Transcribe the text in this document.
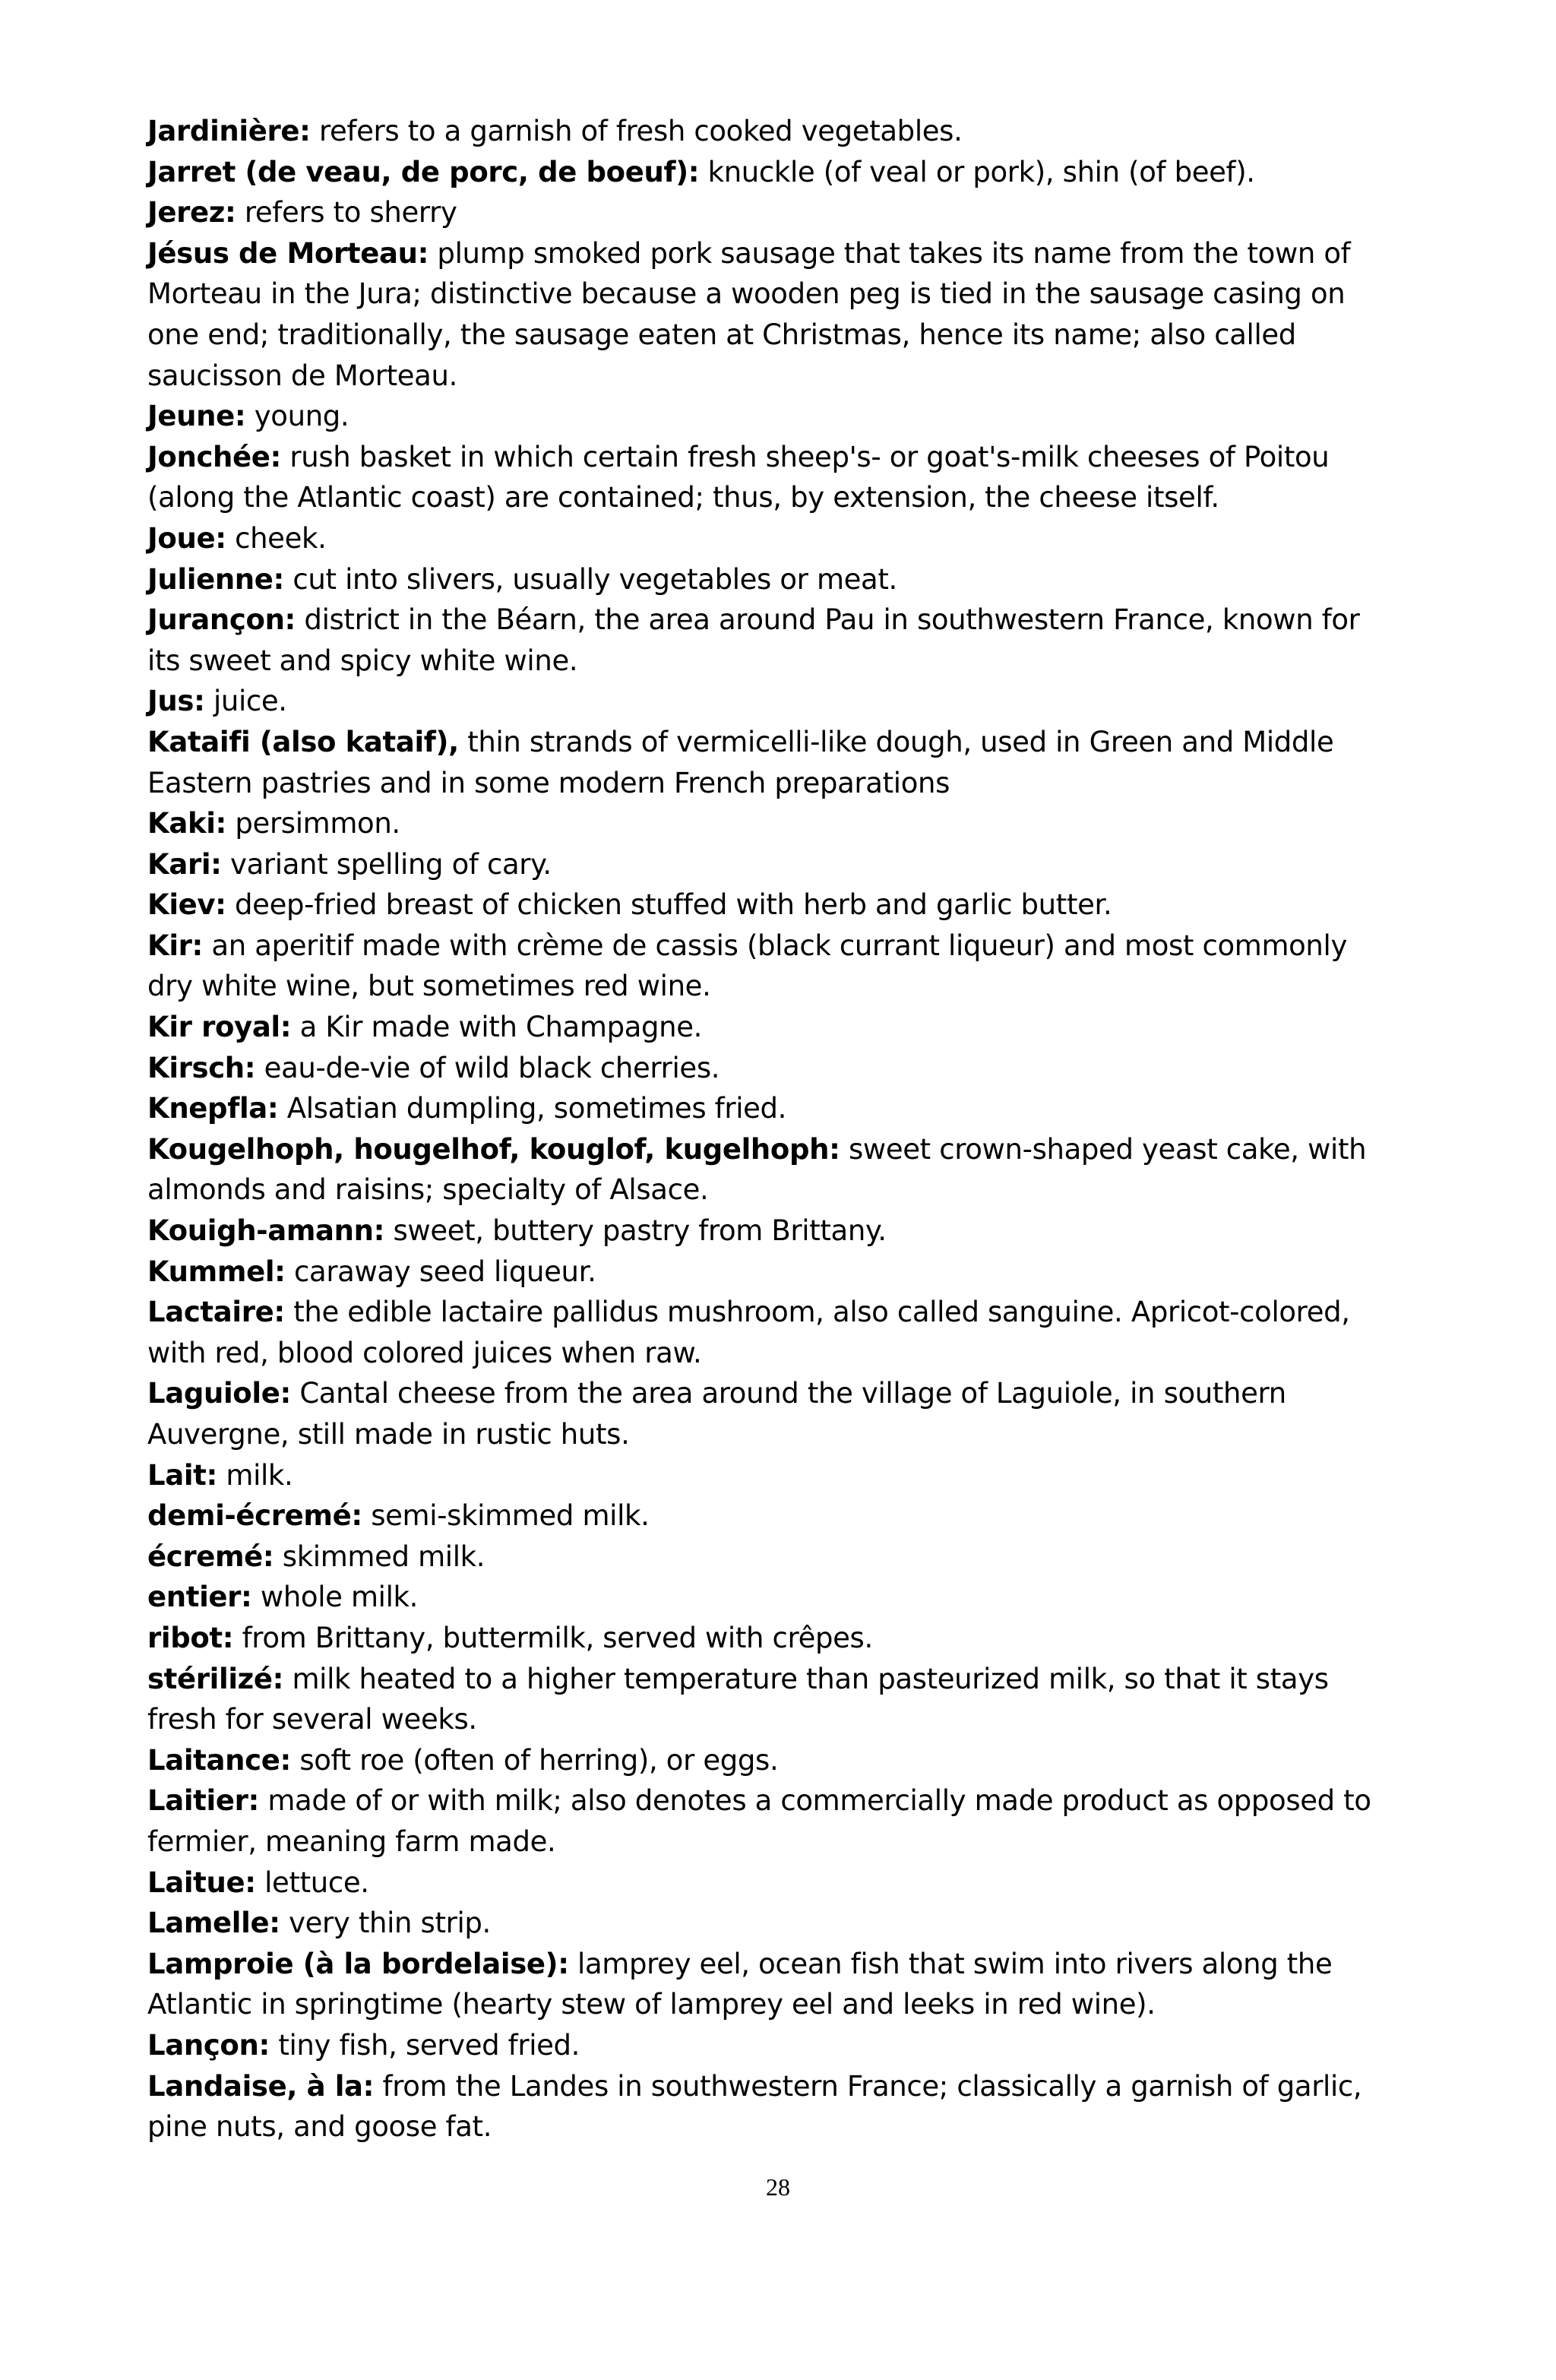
Jardinière: refers to a garnish of fresh cooked vegetables.

Jarret (de veau, de porc, de boeuf): knuckle (of veal or pork), shin (of beef).

Jerez: refers to sherry

Jésus de Morteau: plump smoked pork sausage that takes its name from the town of Morteau in the Jura; distinctive because a wooden peg is tied in the sausage casing on one end; traditionally, the sausage eaten at Christmas, hence its name; also called saucisson de Morteau.

Jeune: young.

Jonchée: rush basket in which certain fresh sheep's- or goat's-milk cheeses of Poitou (along the Atlantic coast) are contained; thus, by extension, the cheese itself.

Joue: cheek.

Julienne: cut into slivers, usually vegetables or meat.

Jurançon: district in the Béarn, the area around Pau in southwestern France, known for its sweet and spicy white wine.

Jus: juice.

Kataifi (also kataif), thin strands of vermicelli-like dough, used in Green and Middle Eastern pastries and in some modern French preparations

Kaki: persimmon.

Kari: variant spelling of cary.

Kiev: deep-fried breast of chicken stuffed with herb and garlic butter.

Kir: an aperitif made with crème de cassis (black currant liqueur) and most commonly dry white wine, but sometimes red wine.

Kir royal: a Kir made with Champagne.

Kirsch: eau-de-vie of wild black cherries.

Knepfla: Alsatian dumpling, sometimes fried.

Kougelhoph, hougelhof, kouglof, kugelhoph: sweet crown-shaped yeast cake, with almonds and raisins; specialty of Alsace.

Kouigh-amann: sweet, buttery pastry from Brittany.

Kummel: caraway seed liqueur.

Lactaire: the edible lactaire pallidus mushroom, also called sanguine. Apricot-colored, with red, blood colored juices when raw.

Laguiole: Cantal cheese from the area around the village of Laguiole, in southern Auvergne, still made in rustic huts.

Lait: milk.

demi-écremé: semi-skimmed milk.

écremé: skimmed milk.

entier: whole milk.

ribot: from Brittany, buttermilk, served with crêpes.

stérilizé: milk heated to a higher temperature than pasteurized milk, so that it stays fresh for several weeks.

Laitance: soft roe (often of herring), or eggs.

Laitier: made of or with milk; also denotes a commercially made product as opposed to fermier, meaning farm made.

Laitue: lettuce.

Lamelle: very thin strip.

Lamproie (à la bordelaise): lamprey eel, ocean fish that swim into rivers along the Atlantic in springtime (hearty stew of lamprey eel and leeks in red wine).

Lançon: tiny fish, served fried.

Landaise, à la: from the Landes in southwestern France; classically a garnish of garlic, pine nuts, and goose fat.

28
